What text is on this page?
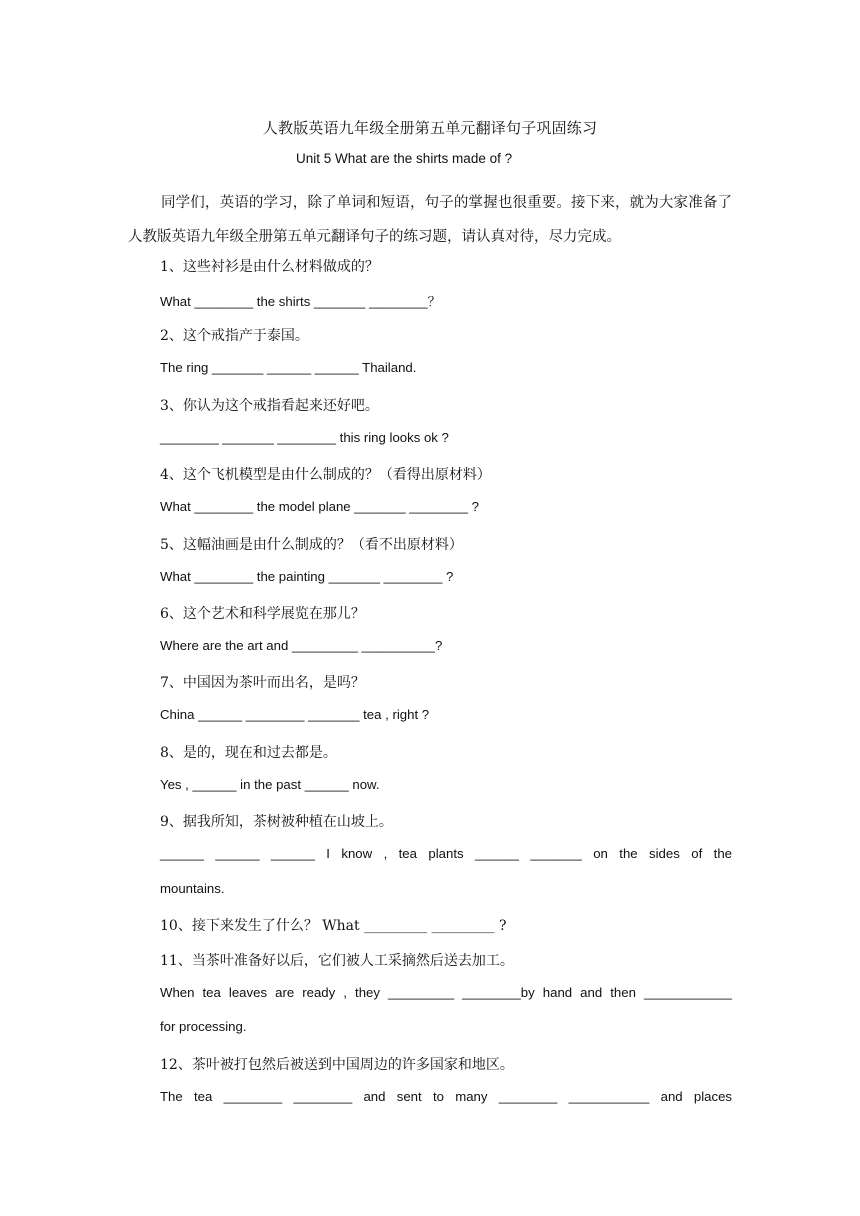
人教版英语九年级全册第五单元翻译句子巩固练习
Unit 5 What are the shirts made of ?

同学们，英语的学习，除了单词和短语，句子的掌握也很重要。接下来，就为大家准备了人教版英语九年级全册第五单元翻译句子的练习题，请认真对待，尽力完成。

1、这些衬衫是由什么材料做成的？
What ________ the shirts _______ ________？
2、这个戒指产于泰国。
The ring _______ ______ ______ Thailand.
3、你认为这个戒指看起来还好吧。
________ _______ ________ this ring looks ok ?
4、这个飞机模型是由什么制成的？（看得出原材料）
What ________ the model plane _______ ________ ?
5、这幅油画是由什么制成的？（看不出原材料）
What ________ the painting _______ ________ ?
6、这个艺术和科学展览在那儿？
Where are the art and _________ __________?
7、中国因为茶叶而出名，是吗？
China ______ ________ _______ tea , right ?
8、是的，现在和过去都是。
Yes , ______ in the past ______ now.
9、据我所知，茶树被种植在山坡上。
______ ______ ______ I know , tea plants ______ _______ on the sides of the
mountains.
10、接下来发生了什么？ What _________ _________ ?
11、当茶叶准备好以后，它们被人工采摘然后送去加工。
When tea leaves are ready , they _________ ________by hand and then ____________
for processing.
12、茶叶被打包然后被送到中国周边的许多国家和地区。
The tea ________ ________ and sent to many ________ ___________ and places
